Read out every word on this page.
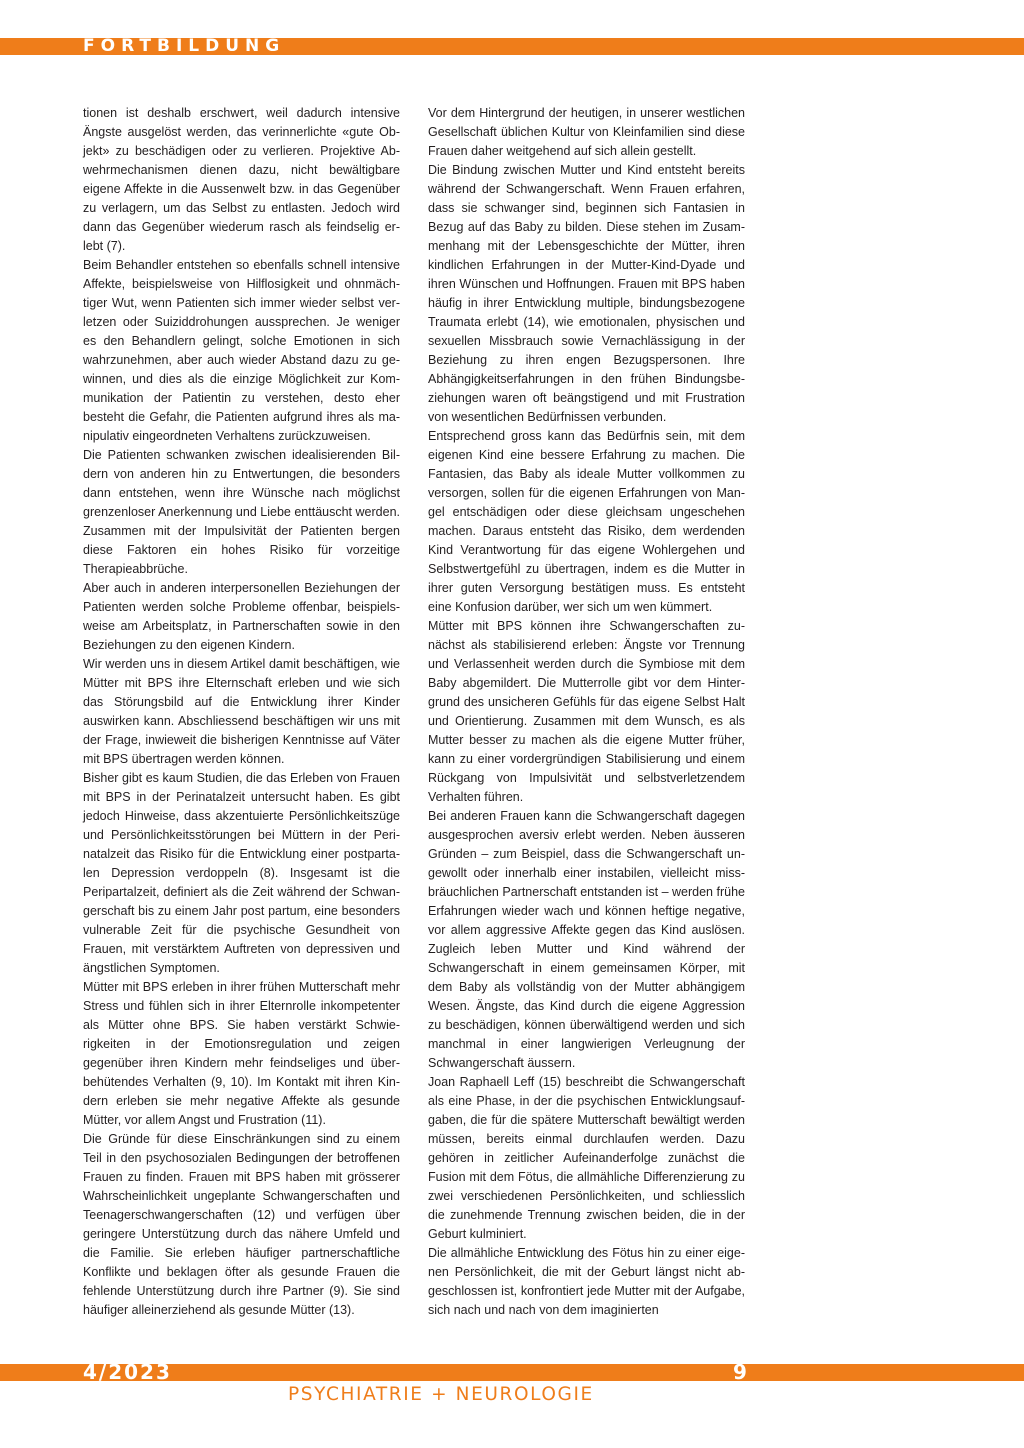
FORTBILDUNG

tionen ist deshalb erschwert, weil dadurch intensive Ängste ausgelöst werden, das verinnerlichte «gute Objekt» zu beschädigen oder zu verlieren. Projektive Abwehrmechanismen dienen dazu, nicht bewältigbare eigene Affekte in die Aussenwelt bzw. in das Gegenüber zu verlagern, um das Selbst zu entlasten. Jedoch wird dann das Gegenüber wiederum rasch als feindselig erlebt (7).

Beim Behandler entstehen so ebenfalls schnell intensive Affekte, beispielsweise von Hilflosigkeit und ohnmächtiger Wut, wenn Patienten sich immer wieder selbst verletzen oder Suiziddrohungen aussprechen. Je weniger es den Behandlern gelingt, solche Emotionen in sich wahrzunehmen, aber auch wieder Abstand dazu zu gewinnen, und dies als die einzige Möglichkeit zur Kommunikation der Patientin zu verstehen, desto eher besteht die Gefahr, die Patienten aufgrund ihres als manipulativ eingeordneten Verhaltens zurückzuweisen.

Die Patienten schwanken zwischen idealisierenden Bildern von anderen hin zu Entwertungen, die besonders dann entstehen, wenn ihre Wünsche nach möglichst grenzenloser Anerkennung und Liebe enttäuscht werden. Zusammen mit der Impulsivität der Patienten bergen diese Faktoren ein hohes Risiko für vorzeitige Therapieabbrüche.

Aber auch in anderen interpersonellen Beziehungen der Patienten werden solche Probleme offenbar, beispielsweise am Arbeitsplatz, in Partnerschaften sowie in den Beziehungen zu den eigenen Kindern.

Wir werden uns in diesem Artikel damit beschäftigen, wie Mütter mit BPS ihre Elternschaft erleben und wie sich das Störungsbild auf die Entwicklung ihrer Kinder auswirken kann. Abschliessend beschäftigen wir uns mit der Frage, inwieweit die bisherigen Kenntnisse auf Väter mit BPS übertragen werden können.

Bisher gibt es kaum Studien, die das Erleben von Frauen mit BPS in der Perinatalzeit untersucht haben. Es gibt jedoch Hinweise, dass akzentuierte Persönlichkeitszüge und Persönlichkeitsstörungen bei Müttern in der Perinatalzeit das Risiko für die Entwicklung einer postpartalen Depression verdoppeln (8). Insgesamt ist die Peripartalzeit, definiert als die Zeit während der Schwangerschaft bis zu einem Jahr post partum, eine besonders vulnerable Zeit für die psychische Gesundheit von Frauen, mit verstärktem Auftreten von depressiven und ängstlichen Symptomen.

Mütter mit BPS erleben in ihrer frühen Mutterschaft mehr Stress und fühlen sich in ihrer Elternrolle inkompetenter als Mütter ohne BPS. Sie haben verstärkt Schwierigkeiten in der Emotionsregulation und zeigen gegenüber ihren Kindern mehr feindseliges und überbehütendes Verhalten (9, 10). Im Kontakt mit ihren Kindern erleben sie mehr negative Affekte als gesunde Mütter, vor allem Angst und Frustration (11).

Die Gründe für diese Einschränkungen sind zu einem Teil in den psychosozialen Bedingungen der betroffenen Frauen zu finden. Frauen mit BPS haben mit grösserer Wahrscheinlichkeit ungeplante Schwangerschaften und Teenagerschwangerschaften (12) und verfügen über geringere Unterstützung durch das nähere Umfeld und die Familie. Sie erleben häufiger partnerschaftliche Konflikte und beklagen öfter als gesunde Frauen die fehlende Unterstützung durch ihre Partner (9). Sie sind häufiger alleinerziehend als gesunde Mütter (13).

Vor dem Hintergrund der heutigen, in unserer westlichen Gesellschaft üblichen Kultur von Kleinfamilien sind diese Frauen daher weitgehend auf sich allein gestellt.

Die Bindung zwischen Mutter und Kind entsteht bereits während der Schwangerschaft. Wenn Frauen erfahren, dass sie schwanger sind, beginnen sich Fantasien in Bezug auf das Baby zu bilden. Diese stehen im Zusammenhang mit der Lebensgeschichte der Mütter, ihren kindlichen Erfahrungen in der Mutter-Kind-Dyade und ihren Wünschen und Hoffnungen. Frauen mit BPS haben häufig in ihrer Entwicklung multiple, bindungsbezogene Traumata erlebt (14), wie emotionalen, physischen und sexuellen Missbrauch sowie Vernachlässigung in der Beziehung zu ihren engen Bezugspersonen. Ihre Abhängigkeitserfahrungen in den frühen Bindungsbeziehungen waren oft beängstigend und mit Frustration von wesentlichen Bedürfnissen verbunden.

Entsprechend gross kann das Bedürfnis sein, mit dem eigenen Kind eine bessere Erfahrung zu machen. Die Fantasien, das Baby als ideale Mutter vollkommen zu versorgen, sollen für die eigenen Erfahrungen von Mangel entschädigen oder diese gleichsam ungeschehen machen. Daraus entsteht das Risiko, dem werdenden Kind Verantwortung für das eigene Wohlergehen und Selbstwertgefühl zu übertragen, indem es die Mutter in ihrer guten Versorgung bestätigen muss. Es entsteht eine Konfusion darüber, wer sich um wen kümmert.

Mütter mit BPS können ihre Schwangerschaften zunächst als stabilisierend erleben: Ängste vor Trennung und Verlassenheit werden durch die Symbiose mit dem Baby abgemildert. Die Mutterrolle gibt vor dem Hintergrund des unsicheren Gefühls für das eigene Selbst Halt und Orientierung. Zusammen mit dem Wunsch, es als Mutter besser zu machen als die eigene Mutter früher, kann zu einer vordergründigen Stabilisierung und einem Rückgang von Impulsivität und selbstverletzendem Verhalten führen.

Bei anderen Frauen kann die Schwangerschaft dagegen ausgesprochen aversiv erlebt werden. Neben äusseren Gründen – zum Beispiel, dass die Schwangerschaft ungewollt oder innerhalb einer instabilen, vielleicht missbräuchlichen Partnerschaft entstanden ist – werden frühe Erfahrungen wieder wach und können heftige negative, vor allem aggressive Affekte gegen das Kind auslösen. Zugleich leben Mutter und Kind während der Schwangerschaft in einem gemeinsamen Körper, mit dem Baby als vollständig von der Mutter abhängigem Wesen. Ängste, das Kind durch die eigene Aggression zu beschädigen, können überwältigend werden und sich manchmal in einer langwierigen Verleugnung der Schwangerschaft äussern.

Joan Raphaell Leff (15) beschreibt die Schwangerschaft als eine Phase, in der die psychischen Entwicklungsaufgaben, die für die spätere Mutterschaft bewältigt werden müssen, bereits einmal durchlaufen werden. Dazu gehören in zeitlicher Aufeinanderfolge zunächst die Fusion mit dem Fötus, die allmähliche Differenzierung zu zwei verschiedenen Persönlichkeiten, und schliesslich die zunehmende Trennung zwischen beiden, die in der Geburt kulminiert.

Die allmähliche Entwicklung des Fötus hin zu einer eigenen Persönlichkeit, die mit der Geburt längst nicht abgeschlossen ist, konfrontiert jede Mutter mit der Aufgabe, sich nach und nach von dem imaginierten

4/2023	9
PSYCHIATRIE + NEUROLOGIE
